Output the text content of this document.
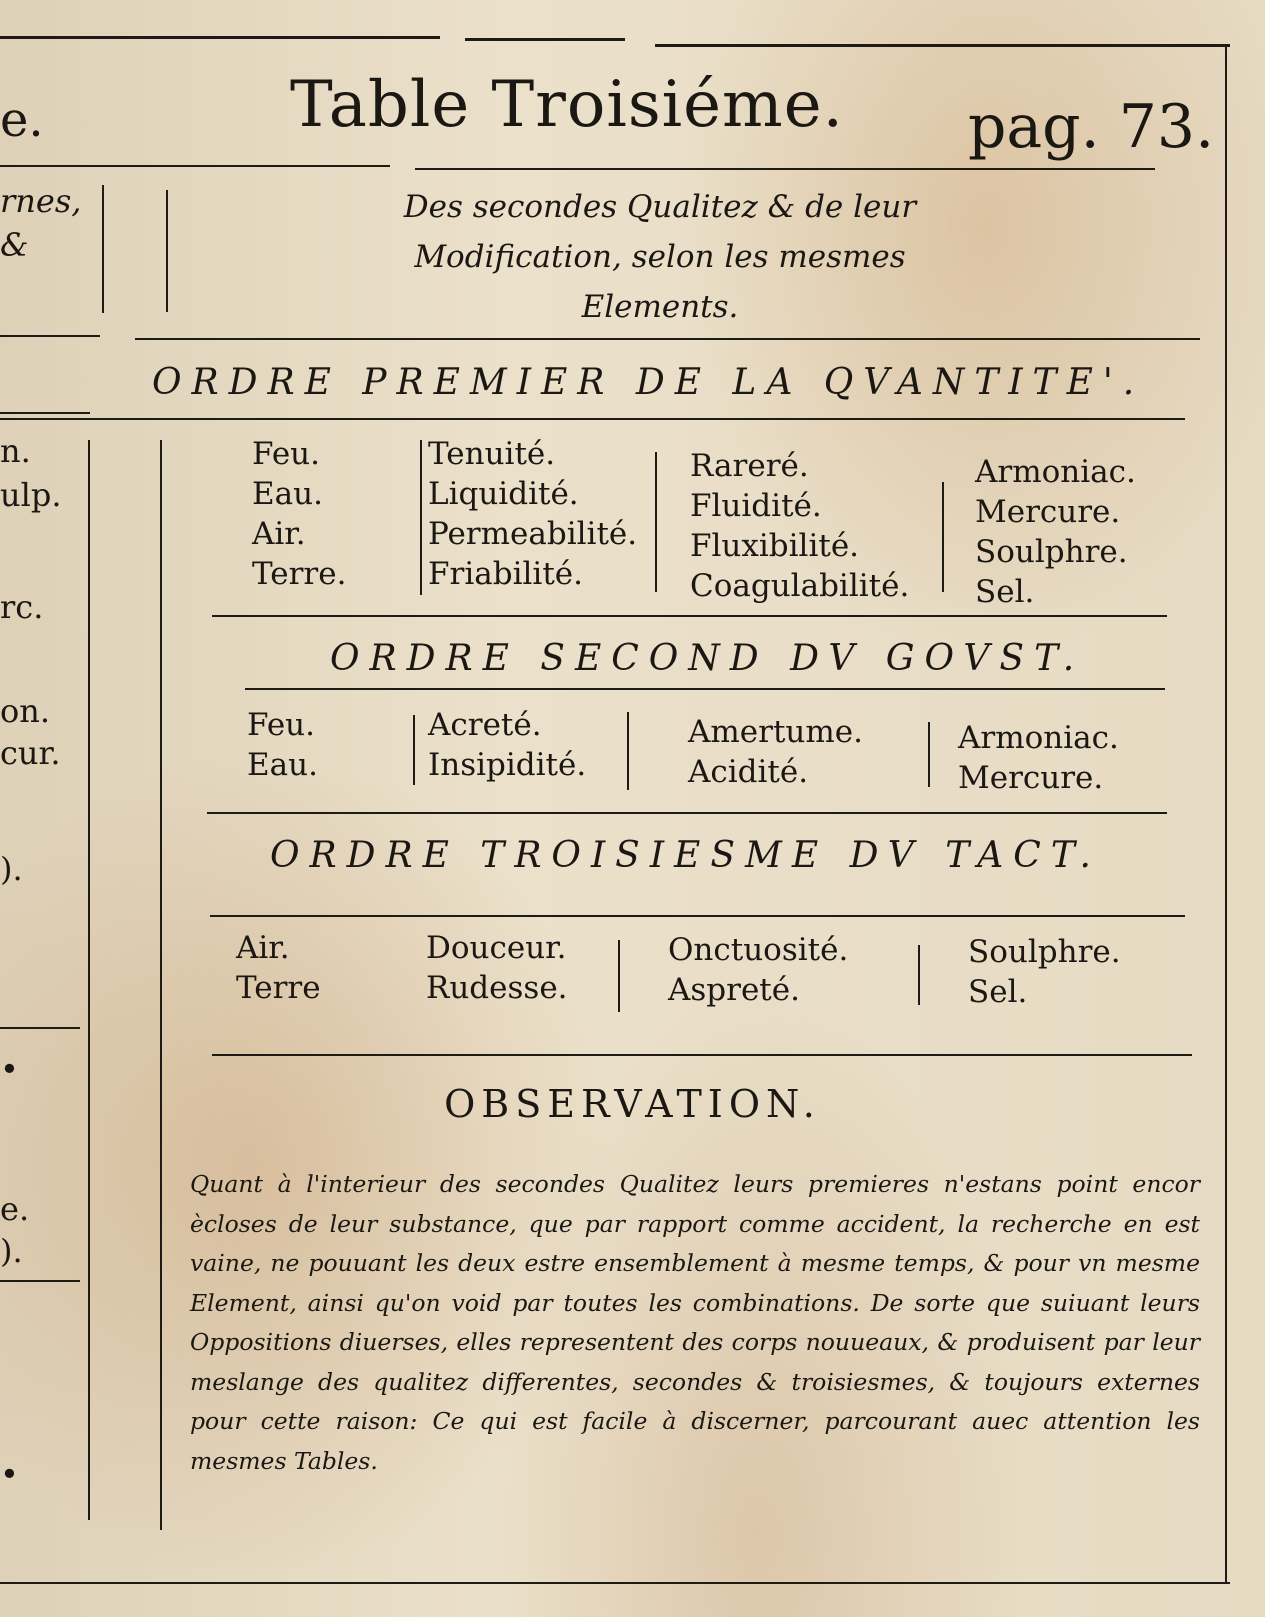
e.	Table Troisiéme. pag. 73.
rnes,
&
n.
ulp.
rc.
on.
cur.
).
•
e.
).
•
Des secondes Qualitez & de leur
Modification, selon les mesmes
Elements.
ORDRE PREMIER DE LA QVANTITE'.
Feu.
Eau.
Air.
Terre.
Tenuité.
Liquidité.
Permeabilité.
Friabilité.
Rareré.
Fluidité.
Fluxibilité.
Coagulabilité.
Armoniac.
Mercure.
Soulphre.
Sel.
ORDRE SECOND DV GOVST.
Feu.
Eau.
Acreté.
Insipidité.
Amertume.
Acidité.
Armoniac.
Mercure.
ORDRE TROISIESME DV TACT.
Air.
Terre
Douceur.
Rudesse.
Onctuosité.
Aspreté.
Soulphre.
Sel.
OBSERVATION.
Quant à l'interieur des secondes Qualitez leurs premieres n'estans point encor ècloses de leur substance, que par rapport comme accident, la recherche en est vaine, ne pouuant les deux estre ensemblement à mesme temps, & pour vn mesme Element, ainsi qu'on void par toutes les combinations. De sorte que suiuant leurs Oppositions diuerses, elles representent des corps nouueaux, & produisent par leur meslange des qualitez differentes, secondes & troisiesmes, & toujours externes pour cette raison: Ce qui est facile à discerner, parcourant auec attention les mesmes Tables.
